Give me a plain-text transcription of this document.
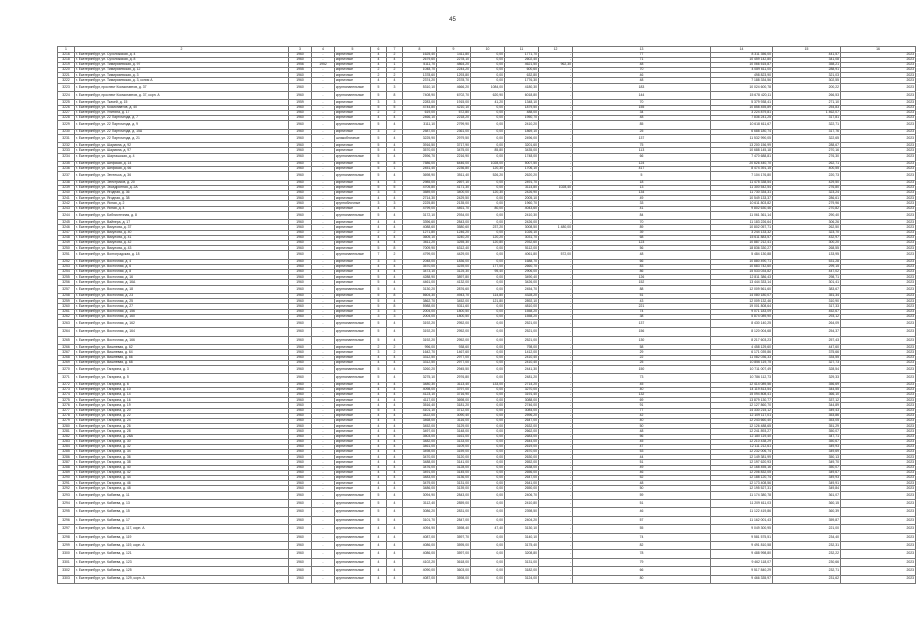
45
1	2	3	4	5	6	7	8	9	10	11	12	13	14	15	16
3216	г. Екатеринбург, ул. Сухоложская, д. 4	1960	-	кирпичные	4	2	1625,40	1411,80	0,00	1771,70	-	77	8 311 356,00	441,57	2023
3218	г. Екатеринбург, ул. Сухоложская, д. 8	1960	-	кирпичные	4	4	2679,60	2278,10	0,00	2602,40	-	71	10 459 142,80	341,08	2023
3219	г. Екатеринбург, ул. Тимирязевская, д. 97	1956	1952	кирпичные	4	1	5111,70	4864,20	0,00	4621,50	962,30	48	10 066 515,87	358,21	2023
3220	г. Екатеринбург, ул. Тимирязевская, д. 12	1955	-	кирпичные	2	2	1048,70	2244,20	0,00	600,60	-	70	4 089 611,00	288,91	2023
3221	г. Екатеринбург, ул. Тимирязевская, д. 3	1960	-	кирпичные	2	2	1378,60	1293,80	0,00	632,80	-	46	498 823,90	321,03	2023
3222	г. Екатеринбург, ул. Тимирязевская, д. 3, копия А	1960	-	кирпичные	4	4	2374,20	2378,70	0,00	1776,30	-	48	7 188 334,56	302,55	2023
3223	г. Екатеринбург, проспект Космонавтов, д. 37	1960	-	крупнопанельные	5	3	5310,10	4666,20	1084,00	4180,30	-	183	10 024 600,78	200,22	2023
3224	г. Екатеринбург, проспект Космонавтов, д. 37, корп. А	1960	-	крупнопанельные	5	8	7408,90	6702,70	620,90	6018,80	-	144	15 678 420,11	266,53	2023
3225	г. Екатеринбург, ул. Ткачей, д. 15	1959	-	кирпичные	3	3	2283,00	1915,00	41,20	1348,10	-	70	5 379 938,41	271,10	2023
3226	г. Екатеринбург, ул. Космонавтов, д. 40	1960	-	кирпичные	5	5	4744,80	4210,10	0,00	1879,50	-	155	10 858 455,89	254,83	2023
3227	г. Екатеринбург, ул. Улитина, д. 17	1960	-	кирпичные	2	2	619,00	572,80	0,00	488,00	-	34	3 224 879,81	1 462,07	2023
3228	г. Екатеринбург, ул. 22 Партсъезда, д. 7	1960	-	кирпичные	4	4	2466,10	2218,20	0,00	1950,70	-	48	7 836 241,25	317,81	2023
3229	г. Екатеринбург, ул. 22 Партсъезда, д. 9	1960	-	крупнопанельные	5	4	3111,10	2799,90	0,00	2410,20	-	85	10 618 611,67	322,71	2023
3230	г. Екатеринбург, ул. 22 Партсъезда, д. 15А	1960	-	кирпичные	3	2	2587,00	2361,00	0,00	1869,10	-	25	6 688 180,74	317,76	2023
3231	г. Екатеринбург, ул. 22 Партсъезда, д. 21	1960	-	шлакоблочные	5	4	3225,90	2979,50	0,00	2496,00	-	137	11 532 990,05	322,65	2023
3232	г. Екатеринбург, ул. Шаумяна, д. 92	1960	-	кирпичные	5	4	3916,50	3717,90	0,00	3201,60	-	75	13 200 156,99	288,67	2023
3233	г. Екатеринбург, ул. Шаумяна, д. 97	1960	-	кирпичные	5	4	3570,00	3475,00	85,80	3435,00	-	113	10 688 145,18	270,16	2023
3234	г. Екатеринбург, ул. Шарташская, д. 4	1960	-	крупнопанельные	5	4	2596,70	2216,90	0,00	1748,00	-	66	7 470 688,81	276,30	2023
3235	г. Екатеринбург, ул. Шефская, д. 14	1960	-	кирпичные	5	8	7586,00	6446,00	1028,00	5007,50	-	124	20 626 440,70	262,71	2023
3236	г. Екатеринбург, ул. Шефская, д. 66	1960	-	кирпичные	5	1	2451,40	2236,80	120,30	1706,10	-	417	8 474 391,15	400,55	2023
3237	г. Екатеринбург, ул. Энгельса, д. 36	1960	-	крупнопанельные	5	4	3698,90	3511,40	526,20	2620,20	-	5	7 104 176,80	220,73	2023
3238	г. Екатеринбург, ул. Электриков, д. 20	1960	-	кирпичные	4	3	2985,00	2697,10	0,00	2491,70	-	18	11 475 338,54	429,50	2023
3239	г. Екатеринбург, ул. Эскадронная, д. 2А	1960	-	кирпичные	5	5	4705,80	4171,30	0,00	3114,80	1028,40	13	11 300 542,54	276,80	2023
3240	г. Екатеринбург, ул. Ягодная, д. 36	1960	-	кирпичные	3	3	3589,00	3400,00	120,30	2426,90	-	134	11 730 334,31	323,24	2023
3241	г. Екатеринбург, ул. Ягодная, д. 38	1960	-	кирпичные	4	4	2714,30	2429,50	0,00	2005,10	-	49	10 549 133,37	286,61	2023
3242	г. Екатеринбург, ул. Ясная, д. 2	1960	-	крупноблочные	3	3	2225,80	2135,00	0,00	1960,70	-	33	10 611 803,82	279,96	2023
3243	г. Екатеринбург, ул. Ясная, д. 4	1960	-	кирпичные	4	4	4799,00	4461,70	80,00	4043,60	-	41	9 802 630,46	270,82	2023
3244	г. Екатеринбург, ул. Библиотечная, д. 8	1960	-	крупнопанельные	5	4	3172,10	2934,00	0,00	2410,30	-	84	11 061 361,14	290,40	2023
3245	г. Екатеринбург, ул. Вайнера, д. 17	1960	-	кирпичные	4	4	3396,60	2843,00	0,00	2426,00	-	70	11 183 226,64	306,26	2023
3246	г. Екатеринбург, ул. Викулова, д. 37	1960	-	кирпичные	4	4	4088,60	3580,60	237,20	3008,50	1 480,00	89	10 802 057,71	262,50	2023
3247	г. Екатеринбург, ул. Викулова, д. 40	1960	-	кирпичные	2	2	1271,80	1246,20	0,00	1026,10	-	39	3 244 133,32	323,70	2023
3248	г. Екатеринбург, ул. Викулова, д. 41	1960	-	кирпичные	4	4	3605,10	3240,20	120,20	3031,70	-	68	15 611 883,57	432,97	2023
3249	г. Екатеринбург, ул. Викулова, д. 42	1960	-	кирпичные	4	4	3611,20	3255,30	120,80	2932,60	-	123	10 887 212,41	300,20	2023
3250	г. Екатеринбург, ул. Викулова, д. 43	1960	-	кирпичные	5	8	7009,90	6312,40	0,00	5112,00	-	56	18 836 330,27	268,55	2023
3251	г. Екатеринбург, ул. Волгоградская, д. 18	1960	-	крупнопанельные	7	2	4799,00	4429,00	0,00	4061,80	572,00	48	5 484 130,88	133,95	2023
3252	г. Екатеринбург, ул. Восточная, д. 4	1960	-	кирпичные	3	3	2048,00	1836,00	0,00	1688,70	-	66	10 880 490,71	531,28	2023
3253	г. Екатеринбург, ул. Восточная, д. 6	1960	-	кирпичные	4	4	3570,00	3239,00	177,00	2660,70	-	83	10 683 742,60	299,15	2023
3254	г. Екатеринбург, ул. Восточная, д. 8	1960	-	кирпичные	4	4	3473,10	3125,30	95,40	2906,00	-	86	15 533 034,82	447,02	2023
3255	г. Екатеринбург, ул. Восточная, д. 16	1960	-	кирпичные	5	4	4288,90	3897,80	0,00	3490,40	-	126	12 811 386,43	298,71	2023
3256	г. Екатеринбург, ул. Восточная, д. 16А	1960	-	кирпичные	5	4	4461,00	4132,00	0,00	3426,00	-	152	13 444 333,14	301,41	2023
3257	г. Екатеринбург, ул. Восточная, д. 18	1960	-	крупнопанельные	5	4	3130,20	2876,60	0,00	2454,70	-	88	12 009 561,60	383,67	2023
3258	г. Екатеринбург, ул. Восточная, д. 23	1960	-	кирпичные	5	8	5604,30	4943,70	114,80	4328,20	-	51	14 080 180,07	351,34	2023
3259	г. Екатеринбург, ул. Восточная, д. 25	1960	-	кирпичные	5	4	3862,70	3452,00	121,80	2892,10	-	43	12 009 132,46	310,90	2023
3260	г. Екатеринбург, ул. Восточная, д. 27	1960	-	кирпичные	5	8	5988,00	5311,60	0,00	4810,00	-	221	19 001 808,64	317,33	2023
3261	г. Екатеринбург, ул. Восточная, д. 156	1960	-	кирпичные	3	3	2004,00	1800,50	0,00	1558,20	-	74	9 071 183,09	452,67	2023
3262	г. Екатеринбург, ул. Восточная, д. 160	1960	-	кирпичные	3	3	2004,00	1800,50	0,00	1558,20	-	38	5 874 089,90	293,12	2023
3263	г. Екатеринбург, ул. Восточная, д. 162	1960	-	крупнопанельные	5	4	3192,20	2952,00	0,00	2521,00	-	137	8 430 140,25	264,09	2023
3264	г. Екатеринбург, ул. Восточная, д. 164	1960	-	крупнопанельные	5	4	3192,20	2952,00	0,00	2521,00	-	156	8 120 004,68	254,37	2023
3265	г. Екатеринбург, ул. Восточная, д. 166	1960	-	крупнопанельные	5	4	3192,20	2952,00	0,00	2521,00	-	130	8 217 603,23	257,43	2023
3266	г. Екатеринбург, ул. Вишневая, д. 62	1960	-	кирпичные	2	2	996,00	938,60	0,00	798,00	-	58	4 458 129,60	447,60	2023
3267	г. Екатеринбург, ул. Вишневая, д. 64	1960	-	кирпичные	3	2	1642,70	1467,60	0,00	1412,00	-	29	6 171 039,86	375,66	2023
3268	г. Екатеринбург, ул. Вишневая, д. 66	1960	-	кирпичные	4	4	3312,50	2977,00	0,00	2410,40	-	22	11 082 036,33	334,55	2023
3269	г. Екатеринбург, ул. Вишневая, д. 68	1960	-	кирпичные	4	4	3312,50	2977,00	0,00	2410,40	-	25	10 856 119,75	327,73	2023
3270	г. Екатеринбург, ул. Гагарина, д. 3	1960	-	крупнопанельные	5	4	3260,20	2945,50	0,00	2441,30	-	150	10 711 007,49	328,54	2023
3271	г. Екатеринбург, ул. Гагарина, д. 5	1960	-	крупнопанельные	5	4	3275,10	2976,80	0,00	2481,20	-	73	10 786 112,73	329,33	2023
3272	г. Екатеринбург, ул. Гагарина, д. 6	1960	-	кирпичные	4	4	3480,30	3113,40	133,00	2714,20	-	45	12 414 089,56	356,69	2023
3273	г. Екатеринбург, ул. Гагарина, д. 10	1960	-	кирпичные	4	4	4098,00	3797,00	0,00	3270,00	-	40	14 119 813,54	344,55	2023
3274	г. Екатеринбург, ул. Гагарина, д. 14	1960	-	кирпичные	4	4	4123,10	3716,90	0,00	3191,40	-	132	15 094 808,41	366,10	2023
3275	г. Екатеринбург, ул. Гагарина, д. 16	1960	-	кирпичные	4	4	4117,00	3698,00	0,00	3088,00	-	69	13 879 130,77	337,12	2023
3276	г. Екатеринбург, ул. Гагарина, д. 19	1960	-	кирпичные	4	4	3516,40	3181,20	0,00	2746,00	-	91	12 127 860,70	344,89	2023
3277	г. Екатеринбург, ул. Гагарина, д. 20	1960	-	кирпичные	5	4	4101,10	3712,00	0,00	3084,00	-	77	14 330 215,12	349,43	2023
3278	г. Екатеринбург, ул. Гагарина, д. 22	1960	-	кирпичные	4	4	3422,00	3090,40	0,00	2596,20	-	42	12 109 117,01	353,86	2023
3279	г. Екатеринбург, ул. Гагарина, д. 24	1960	-	кирпичные	4	4	3468,00	3116,00	0,00	2647,00	-	40	12 243 660,40	353,05	2023
3280	г. Екатеринбург, ул. Гагарина, д. 26	1960	-	кирпичные	4	4	3452,00	3129,00	0,00	2632,00	-	50	12 126 488,65	351,29	2023
3281	г. Екатеринбург, ул. Гагарина, д. 28	1960	-	кирпичные	4	4	3497,00	3148,00	0,00	2662,00	-	48	12 241 893,27	350,07	2023
3282	г. Екатеринбург, ул. Гагарина, д. 28А	1960	-	кирпичные	4	4	3503,00	3161,00	0,00	2683,00	-	56	12 180 119,40	347,71	2023
3283	г. Екатеринбург, ул. Гагарина, д. 30	1960	-	кирпичные	4	4	3482,00	3133,00	0,00	2644,00	-	45	12 210 438,29	350,67	2023
3284	г. Екатеринбург, ул. Гагарина, д. 32	1960	-	кирпичные	4	4	3461,00	3109,00	0,00	2619,00	-	47	12 111 212,61	349,93	2023
3285	г. Екатеринбург, ул. Гагарина, д. 34	1960	-	кирпичные	4	4	3498,00	3159,00	0,00	2670,00	-	53	12 232 006,74	349,69	2023
3286	г. Екатеринбург, ул. Гагарина, д. 36	1960	-	кирпичные	4	4	3470,00	3120,00	0,00	2630,00	-	44	12 149 381,99	350,13	2023
3287	г. Екатеринбург, ул. Гагарина, д. 38	1960	-	кирпичные	4	4	3488,00	3141,00	0,00	2652,00	-	51	12 197 620,93	349,70	2023
3288	г. Екатеринбург, ул. Гагарина, д. 40	1960	-	кирпичные	4	4	3476,00	3128,00	0,00	2638,00	-	49	12 168 455,16	350,07	2023
3289	г. Екатеринбург, ул. Гагарина, д. 42	1960	-	кирпичные	4	4	3491,00	3145,00	0,00	2656,00	-	46	12 206 832,05	349,67	2023
3290	г. Екатеринбург, ул. Гагарина, д. 44	1960	-	кирпичные	4	4	3483,00	3136,00	0,00	2647,00	-	52	12 188 120,74	349,93	2023
3291	г. Екатеринбург, ул. Гагарина, д. 46	1960	-	кирпичные	4	4	3479,00	3131,00	0,00	2641,00	-	48	12 173 408,56	349,91	2023
3292	г. Екатеринбург, ул. Гагарина, д. 48	1960	-	кирпичные	4	4	3486,00	3139,00	0,00	2650,00	-	50	12 195 527,31	349,84	2023
3293	г. Екатеринбург, ул. Кабиева, д. 11	1960	-	крупнопанельные	5	4	3094,90	2843,00	0,00	2406,70	-	59	11 174 380,78	361,07	2023
3294	г. Екатеринбург, ул. Кабиева, д. 13	1960	-	крупнопанельные	5	4	3112,40	2859,00	0,00	2410,80	-	51	11 209 611,03	360,15	2023
3295	г. Екатеринбург, ул. Кабиева, д. 15	1960	-	крупнопанельные	5	4	3086,20	2831,00	0,00	2398,50	-	46	11 122 419,86	360,39	2023
3296	г. Екатеринбург, ул. Кабиева, д. 17	1960	-	крупнопанельные	5	4	3101,70	2847,00	0,00	2404,20	-	57	11 162 001,43	359,87	2023
3297	г. Екатеринбург, ул. Кабиева, д. 117, корп. А	1960	-	крупнопанельные	4	4	4094,90	3598,40	47,40	3130,10	-	55	9 049 300,95	221,00	2023
3298	г. Екатеринбург, ул. Кабиева, д. 119	1960	-	крупнопанельные	4	4	4087,00	3597,70	0,00	3140,10	-	74	9 581 575,51	234,40	2023
3299	г. Екатеринбург, ул. Кабиева, д. 119, корп. А	1960	-	крупнопанельные	4	4	4086,00	3595,00	0,00	3175,40	-	82	9 491 810,58	232,31	2023
3300	г. Екатеринбург, ул. Кабиева, д. 121	1960	-	крупнопанельные	4	4	4086,00	3597,00	0,00	3208,80	-	78	9 488 998,80	232,22	2023
3301	г. Екатеринбург, ул. Кабиева, д. 123	1960	-	крупнопанельные	4	4	4102,20	3618,00	0,00	3131,00	-	79	9 462 118,07	230,66	2023
3302	г. Екатеринбург, ул. Кабиева, д. 125	1960	-	крупнопанельные	4	4	4090,00	3603,00	0,00	3182,00	-	66	9 517 840,29	232,71	2023
3303	г. Екатеринбург, ул. Кабиева, д. 129, корп. А	1960	-	крупнопанельные	4	4	4087,00	3598,00	0,00	3124,00	-	80	9 466 335,97	231,62	2023
